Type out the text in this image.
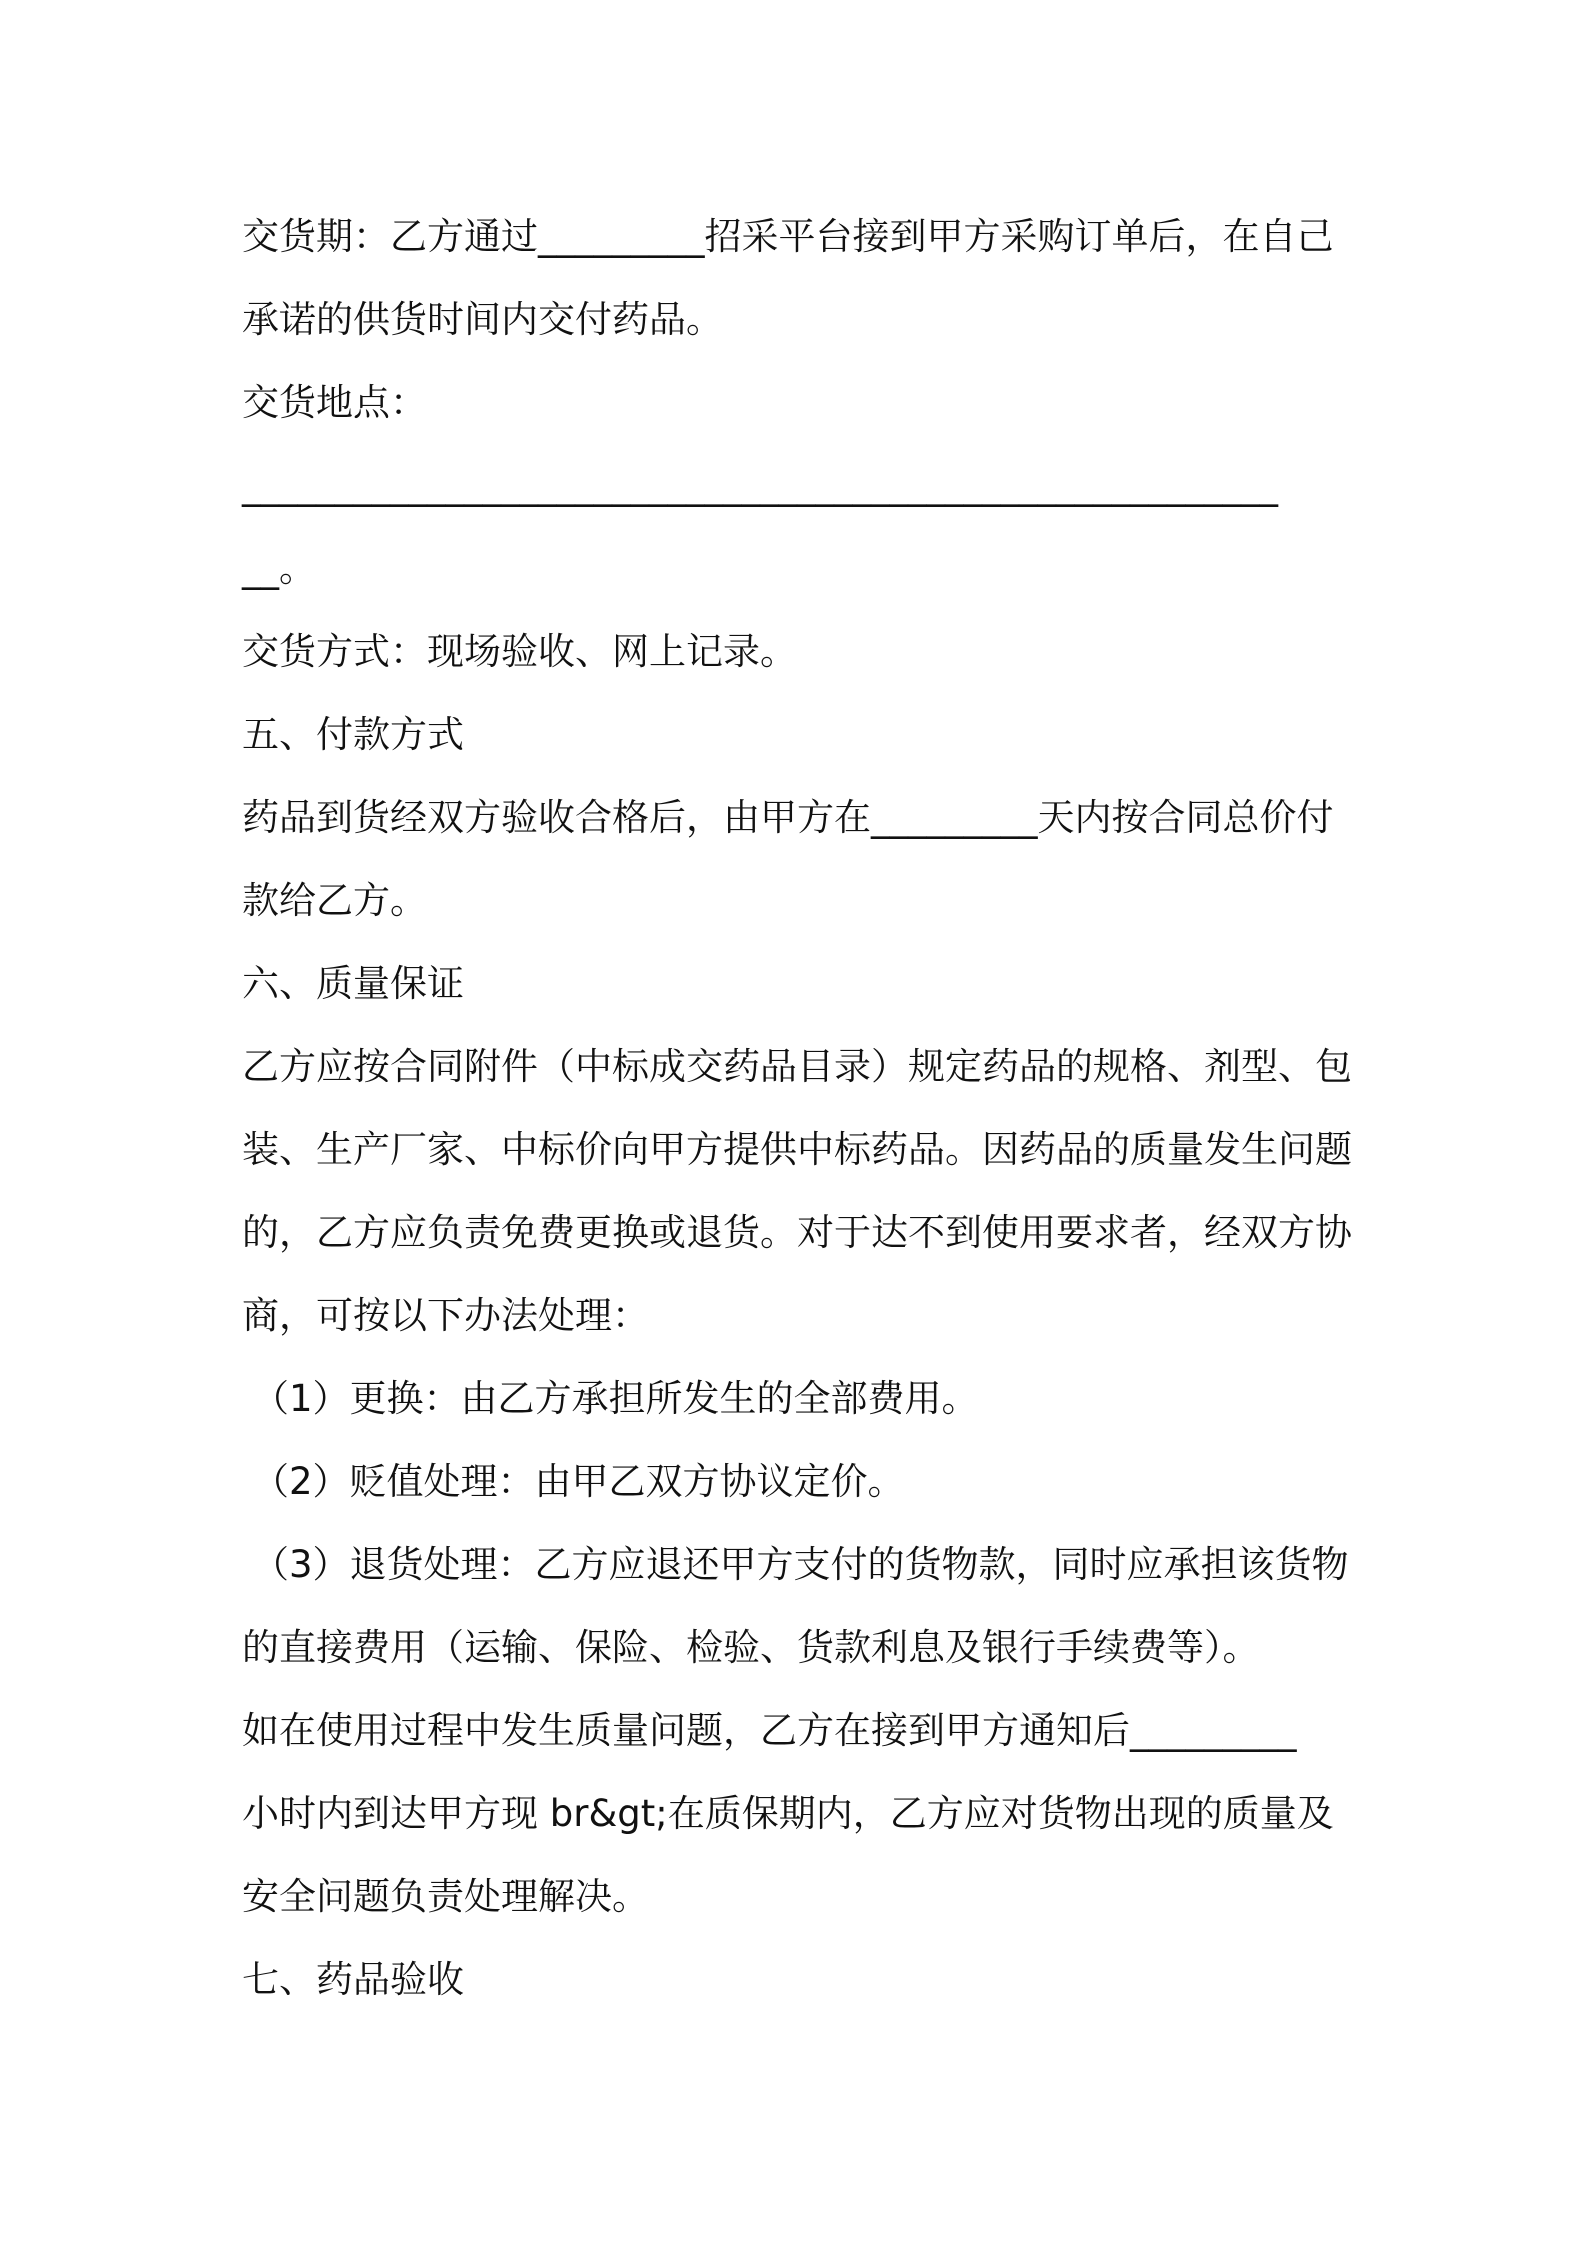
交货期：乙方通过_________招采平台接到甲方采购订单后，在自己
承诺的供货时间内交付药品。
交货地点：
________________________________________________________
__。
交货方式：现场验收、网上记录。
五、付款方式
药品到货经双方验收合格后，由甲方在_________天内按合同总价付
款给乙方。
六、质量保证
乙方应按合同附件（中标成交药品目录）规定药品的规格、剂型、包
装、生产厂家、中标价向甲方提供中标药品。因药品的质量发生问题
的，乙方应负责免费更换或退货。对于达不到使用要求者，经双方协
商，可按以下办法处理：
（1）更换：由乙方承担所发生的全部费用。
（2）贬值处理：由甲乙双方协议定价。
（3）退货处理：乙方应退还甲方支付的货物款，同时应承担该货物
的直接费用（运输、保险、检验、货款利息及银行手续费等）。
如在使用过程中发生质量问题，乙方在接到甲方通知后_________
小时内到达甲方现 br&gt;在质保期内，乙方应对货物出现的质量及
安全问题负责处理解决。
七、药品验收
